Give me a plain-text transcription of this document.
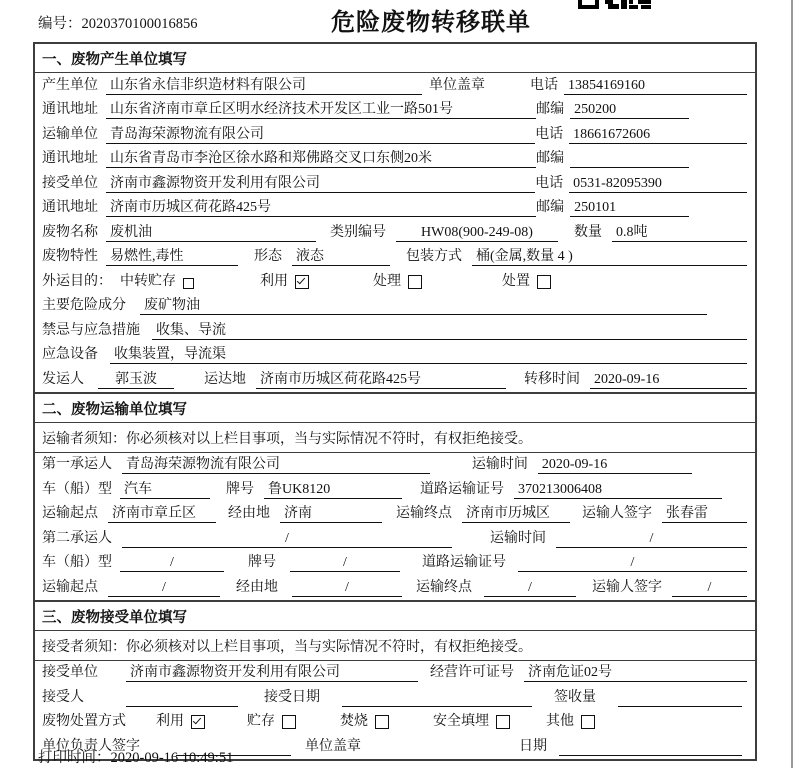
编号：2020370100016856	危险废物转移联单
一、废物产生单位填写
产生单位 山东省永信非织造材料有限公司	单位盖章	电话 13854169160
通讯地址 山东省济南市章丘区明水经济技术开发区工业一路501号	邮编 250200
运输单位 青岛海荣源物流有限公司	电话 18661672606
通讯地址 山东省青岛市李沧区徐水路和郑佛路交叉口东侧20米	邮编
接受单位 济南市鑫源物资开发利用有限公司	电话 0531-82095390
通讯地址 济南市历城区荷花路425号	邮编 250101
废物名称 废机油	类别编号	HW08(900-249-08)	数量 0.8吨
废物特性 易燃性,毒性	形态 液态	包装方式 桶(金属,数量 4 )
外运目的： 中转贮存	利用	处理	处置
主要危险成分 废矿物油
禁忌与应急措施 收集、导流
应急设备 收集装置，导流渠
发运人	郭玉波	运达地 济南市历城区荷花路425号	转移时间 2020-09-16
二、废物运输单位填写
运输者须知：你必须核对以上栏目事项，当与实际情况不符时，有权拒绝接受。
第一承运人 青岛海荣源物流有限公司	运输时间 2020-09-16
车（船）型 汽车	牌号 鲁UK8120	道路运输证号 370213006408
运输起点 济南市章丘区	经由地 济南	运输终点 济南市历城区	运输人签字 张春雷
第二承运人	/	运输时间	/
车（船）型	/	牌号	/	道路运输证号	/
运输起点	/	经由地	/	运输终点	/	运输人签字	/
三、废物接受单位填写
接受者须知：你必须核对以上栏目事项，当与实际情况不符时，有权拒绝接受。
接受单位 济南市鑫源物资开发利用有限公司	经营许可证号 济南危证02号
接受人	接受日期	签收量
废物处置方式 利用	贮存	焚烧	安全填埋	其他
单位负责人签字	单位盖章	日期
打印时间：2020-09-16 10:49:51
